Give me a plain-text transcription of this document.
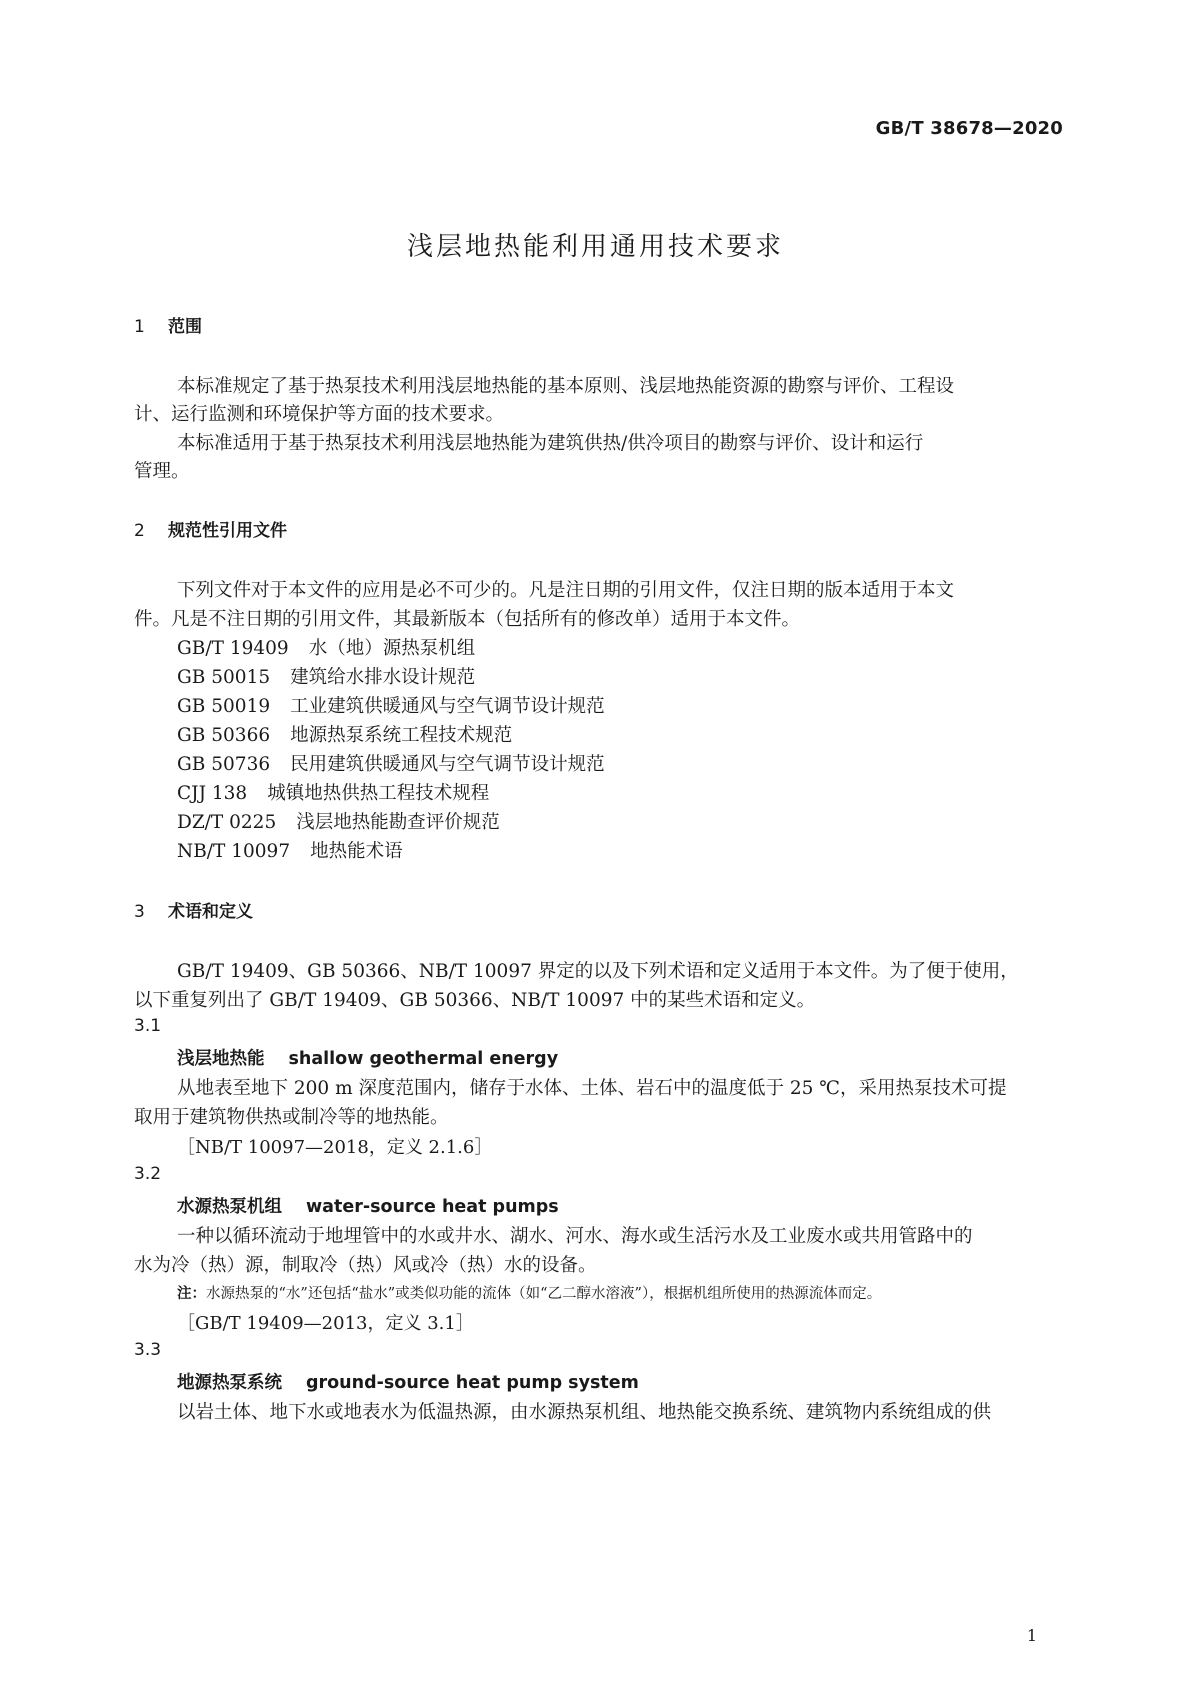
GB/T 38678—2020
浅层地热能利用通用技术要求
1 范围
本标准规定了基于热泵技术利用浅层地热能的基本原则、浅层地热能资源的勘察与评价、工程设
计、运行监测和环境保护等方面的技术要求。
本标准适用于基于热泵技术利用浅层地热能为建筑供热/供冷项目的勘察与评价、设计和运行
管理。
2 规范性引用文件
下列文件对于本文件的应用是必不可少的。凡是注日期的引用文件，仅注日期的版本适用于本文
件。凡是不注日期的引用文件，其最新版本（包括所有的修改单）适用于本文件。
GB/T 19409 水（地）源热泵机组
GB 50015 建筑给水排水设计规范
GB 50019 工业建筑供暖通风与空气调节设计规范
GB 50366 地源热泵系统工程技术规范
GB 50736 民用建筑供暖通风与空气调节设计规范
CJJ 138 城镇地热供热工程技术规程
DZ/T 0225 浅层地热能勘查评价规范
NB/T 10097 地热能术语
3 术语和定义
GB/T 19409、GB 50366、NB/T 10097 界定的以及下列术语和定义适用于本文件。为了便于使用，
以下重复列出了 GB/T 19409、GB 50366、NB/T 10097 中的某些术语和定义。
3.1
浅层地热能 shallow geothermal energy
从地表至地下 200 m 深度范围内，储存于水体、土体、岩石中的温度低于 25 ℃，采用热泵技术可提
取用于建筑物供热或制冷等的地热能。
［NB/T 10097—2018，定义 2.1.6］
3.2
水源热泵机组 water-source heat pumps
一种以循环流动于地埋管中的水或井水、湖水、河水、海水或生活污水及工业废水或共用管路中的
水为冷（热）源，制取冷（热）风或冷（热）水的设备。
注：水源热泵的“水”还包括“盐水”或类似功能的流体（如“乙二醇水溶液”），根据机组所使用的热源流体而定。
［GB/T 19409—2013，定义 3.1］
3.3
地源热泵系统 ground-source heat pump system
以岩土体、地下水或地表水为低温热源，由水源热泵机组、地热能交换系统、建筑物内系统组成的供
1
